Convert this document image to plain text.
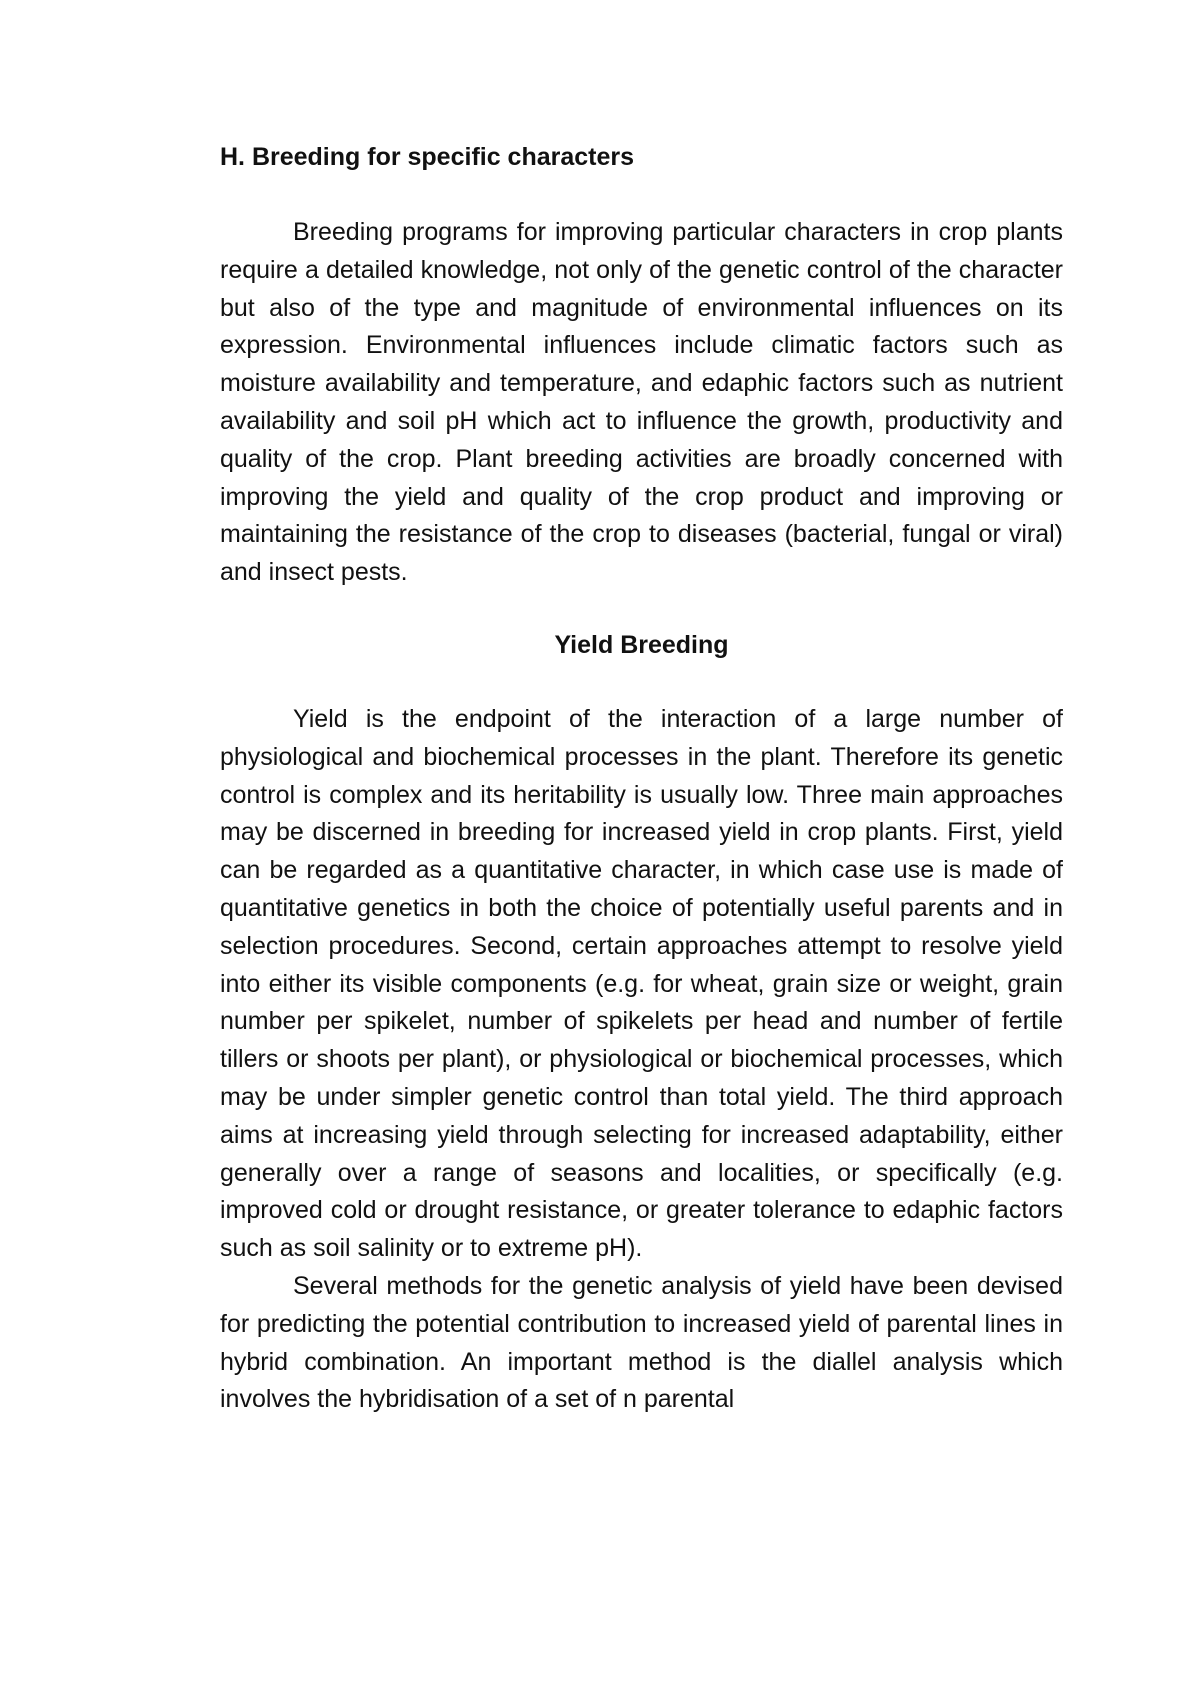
H. Breeding for specific characters

Breeding programs for improving particular characters in crop plants require a detailed knowledge, not only of the genetic control of the character but also of the type and magnitude of environmental influences on its expression. Environmental influences include climatic factors such as moisture availability and temperature, and edaphic factors such as nutrient availability and soil pH which act to influence the growth, productivity and quality of the crop. Plant breeding activities are broadly concerned with improving the yield and quality of the crop product and improving or maintaining the resistance of the crop to diseases (bacterial, fungal or viral) and insect pests.

Yield Breeding

Yield is the endpoint of the interaction of a large number of physiological and biochemical processes in the plant. Therefore its genetic control is complex and its heritability is usually low. Three main approaches may be discerned in breeding for increased yield in crop plants. First, yield can be regarded as a quantitative character, in which case use is made of quantitative genetics in both the choice of potentially useful parents and in selection procedures. Second, certain approaches attempt to resolve yield into either its visible components (e.g. for wheat, grain size or weight, grain number per spikelet, number of spikelets per head and number of fertile tillers or shoots per plant), or physiological or biochemical processes, which may be under simpler genetic control than total yield. The third approach aims at increasing yield through selecting for increased adaptability, either generally over a range of seasons and localities, or specifically (e.g. improved cold or drought resistance, or greater tolerance to edaphic factors such as soil salinity or to extreme pH).

Several methods for the genetic analysis of yield have been devised for predicting the potential contribution to increased yield of parental lines in hybrid combination. An important method is the diallel analysis which involves the hybridisation of a set of n parental
